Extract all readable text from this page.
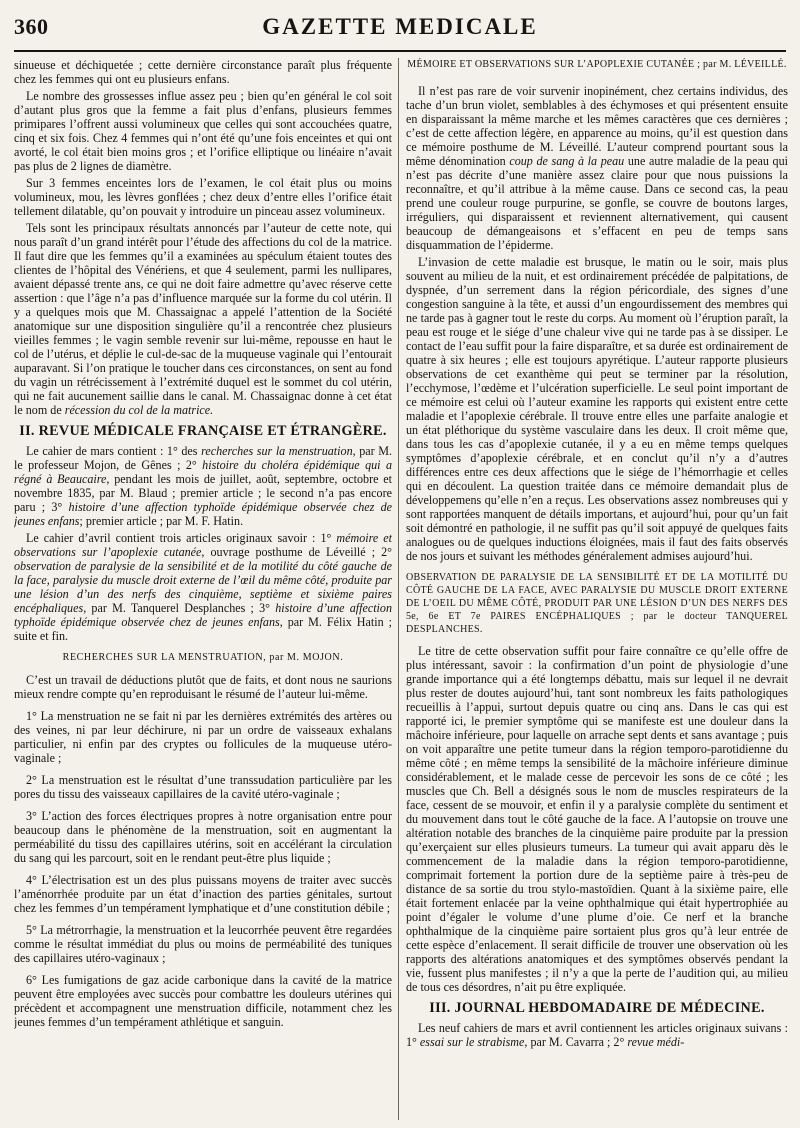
360	GAZETTE MEDICALE

sinueuse et déchiquetée ; cette dernière circonstance paraît plus fréquente chez les femmes qui ont eu plusieurs enfans.

Le nombre des grossesses influe assez peu ; bien qu’en général le col soit d’autant plus gros que la femme a fait plus d’enfans, plusieurs femmes primipares l’offrent aussi volumineux que celles qui sont accouchées quatre, cinq et six fois. Chez 4 femmes qui n’ont été qu’une fois enceintes et qui ont avorté, le col était bien moins gros ; et l’orifice elliptique ou linéaire n’avait pas plus de 2 lignes de diamètre.

Sur 3 femmes enceintes lors de l’examen, le col était plus ou moins volumineux, mou, les lèvres gonflées ; chez deux d’entre elles l’orifice était tellement dilatable, qu’on pouvait y introduire un pinceau assez volumineux.

Tels sont les principaux résultats annoncés par l’auteur de cette note, qui nous paraît d’un grand intérêt pour l’étude des affections du col de la matrice. Il faut dire que les femmes qu’il a examinées au spéculum étaient toutes des clientes de l’hôpital des Vénériens, et que 4 seulement, parmi les nullipares, avaient dépassé trente ans, ce qui ne doit faire admettre qu’avec réserve cette assertion : que l’âge n’a pas d’influence marquée sur la forme du col utérin. Il y a quelques mois que M. Chassaignac a appelé l’attention de la Société anatomique sur une disposition singulière qu’il a rencontrée chez plusieurs vieilles femmes ; le vagin semble revenir sur lui-même, repousse en haut le col de l’utérus, et déplie le cul-de-sac de la muqueuse vaginale qui l’entourait auparavant. Si l’on pratique le toucher dans ces circonstances, on sent au fond du vagin un rétrécissement à l’extrémité duquel est le sommet du col utérin, qui ne fait aucunement saillie dans le canal. M. Chassaignac donne à cet état le nom de récession du col de la matrice.

II. REVUE MÉDICALE FRANÇAISE ET ÉTRANGÈRE.

Le cahier de mars contient : 1° des recherches sur la menstruation, par M. le professeur Mojon, de Gênes ; 2° histoire du choléra épidémique qui a régné à Beaucaire, pendant les mois de juillet, août, septembre, octobre et novembre 1835, par M. Blaud ; premier article ; le second n’a pas encore paru ; 3° histoire d’une affection typhoïde épidémique observée chez de jeunes enfans; premier article ; par M. F. Hatin.

Le cahier d’avril contient trois articles originaux savoir : 1° mémoire et observations sur l’apoplexie cutanée, ouvrage posthume de Léveillé ; 2° observation de paralysie de la sensibilité et de la motilité du côté gauche de la face, paralysie du muscle droit externe de l’œil du même côté, produite par une lésion d’un des nerfs des cinquième, septième et sixième paires encéphaliques, par M. Tanquerel Desplanches ; 3° histoire d’une affection typhoïde épidémique observée chez de jeunes enfans, par M. Félix Hatin ; suite et fin.

RECHERCHES SUR LA MENSTRUATION, par M. MOJON.

C’est un travail de déductions plutôt que de faits, et dont nous ne saurions mieux rendre compte qu’en reproduisant le résumé de l’auteur lui-même.

1° La menstruation ne se fait ni par les dernières extrémités des artères ou des veines, ni par leur déchirure, ni par un ordre de vaisseaux exhalans particulier, ni enfin par des cryptes ou follicules de la muqueuse utéro-vaginale ;

2° La menstruation est le résultat d’une transsudation particulière par les pores du tissu des vaisseaux capillaires de la cavité utéro-vaginale ;

3° L’action des forces électriques propres à notre organisation entre pour beaucoup dans le phénomène de la menstruation, soit en augmentant la perméabilité du tissu des capillaires utérins, soit en accélérant la circulation du sang qui les parcourt, soit en le rendant peut-être plus liquide ;

4° L’électrisation est un des plus puissans moyens de traiter avec succès l’aménorrhée produite par un état d’inaction des parties génitales, surtout chez les femmes d’un tempérament lymphatique et d’une constitution débile ;

5° La métrorrhagie, la menstruation et la leucorrhée peuvent être regardées comme le résultat immédiat du plus ou moins de perméabilité des tuniques des capillaires utéro-vaginaux ;

6° Les fumigations de gaz acide carbonique dans la cavité de la matrice peuvent être employées avec succès pour combattre les douleurs utérines qui précèdent et accompagnent une menstruation difficile, notamment chez les jeunes femmes d’un tempérament athlétique et sanguin.

MÉMOIRE ET OBSERVATIONS SUR L’APOPLEXIE CUTANÉE ; par M. LÉVEILLÉ.

Il n’est pas rare de voir survenir inopinément, chez certains individus, des tache d’un brun violet, semblables à des échymoses et qui présentent ensuite en disparaissant la même marche et les mêmes caractères que ces dernières ; c’est de cette affection légère, en apparence au moins, qu’il est question dans ce mémoire posthume de M. Léveillé. L’auteur comprend pourtant sous la même dénomination coup de sang à la peau une autre maladie de la peau qui n’est pas décrite d’une manière assez claire pour que nous puissions la reconnaître, et qu’il attribue à la même cause. Dans ce second cas, la peau prend une couleur rouge purpurine, se gonfle, se couvre de boutons larges, irréguliers, qui disparaissent et reviennent alternativement, qui causent beaucoup de démangeaisons et s’effacent en peu de temps sans disquammation de l’épiderme.

L’invasion de cette maladie est brusque, le matin ou le soir, mais plus souvent au milieu de la nuit, et est ordinairement précédée de palpitations, de dyspnée, d’un serrement dans la région péricordiale, des signes d’une congestion sanguine à la tête, et aussi d’un engourdissement des membres qui ne tarde pas à gagner tout le reste du corps. Au moment où l’éruption paraît, la peau est rouge et le siége d’une chaleur vive qui ne tarde pas à se dissiper. Le contact de l’eau suffit pour la faire disparaître, et sa durée est ordinairement de quatre à six heures ; elle est toujours apyrétique. L’auteur rapporte plusieurs observations de cet exanthème qui peut se terminer par la résolution, l’ecchymose, l’œdème et l’ulcération superficielle. Le seul point important de ce mémoire est celui où l’auteur examine les rapports qui existent entre cette maladie et l’apoplexie cérébrale. Il trouve entre elles une parfaite analogie et un état pléthorique du système vasculaire dans les deux. Il croit même que, dans tous les cas d’apoplexie cutanée, il y a eu en même temps quelques symptômes d’apoplexie cérébrale, et en conclut qu’il n’y a d’autres différences entre ces deux affections que le siége de l’hémorrhagie et celles qui en découlent. La question traitée dans ce mémoire demandait plus de développemens qu’elle n’en a reçus. Les observations assez nombreuses qui y sont rapportées manquent de détails importans, et aujourd’hui, pour qu’un fait soit démontré en pathologie, il ne suffit pas qu’il soit appuyé de quelques faits analogues ou de quelques inductions éloignées, mais il faut des faits observés de nos jours et suivant les méthodes généralement admises aujourd’hui.

OBSERVATION DE PARALYSIE DE LA SENSIBILITÉ ET DE LA MOTILITÉ DU CÔTÉ GAUCHE DE LA FACE, AVEC PARALYSIE DU MUSCLE DROIT EXTERNE DE L’OEIL DU MÊME CÔTÉ, PRODUIT PAR UNE LÉSION D’UN DES NERFS DES 5e, 6e ET 7e PAIRES ENCÉPHALIQUES ; par le docteur TANQUEREL DESPLANCHES.

Le titre de cette observation suffit pour faire connaître ce qu’elle offre de plus intéressant, savoir : la confirmation d’un point de physiologie d’une grande importance qui a été longtemps débattu, mais sur lequel il ne devrait plus rester de doutes aujourd’hui, tant sont nombreux les faits pathologiques recueillis à l’appui, surtout depuis quatre ou cinq ans. Dans le cas qui est rapporté ici, le premier symptôme qui se manifeste est une douleur dans la mâchoire inférieure, pour laquelle on arrache sept dents et sans avantage ; puis on voit apparaître une petite tumeur dans la région temporo-parotidienne du même côté ; en même temps la sensibilité de la mâchoire inférieure diminue considérablement, et le malade cesse de percevoir les sons de ce côté ; les muscles que Ch. Bell a désignés sous le nom de muscles respirateurs de la face, cessent de se mouvoir, et enfin il y a paralysie complète du sentiment et du mouvement dans tout le côté gauche de la face. A l’autopsie on trouve une altération notable des branches de la cinquième paire produite par la pression qu’exerçaient sur elles plusieurs tumeurs. La tumeur qui avait apparu dès le commencement de la maladie dans la région temporo-parotidienne, comprimait fortement la portion dure de la septième paire à très-peu de distance de sa sortie du trou stylo-mastoïdien. Quant à la sixième paire, elle était fortement enlacée par la veine ophthalmique qui était hypertrophiée au point d’égaler le volume d’une plume d’oie. Ce nerf et la branche ophthalmique de la cinquième paire sortaient plus gros qu’à leur entrée de cette espèce d’enlacement. Il serait difficile de trouver une observation où les rapports des altérations anatomiques et des symptômes observés pendant la vie, fussent plus manifestes ; il n’y a que la perte de l’audition qui, au milieu de tous ces désordres, n’ait pu être expliquée.

III. JOURNAL HEBDOMADAIRE DE MÉDECINE.

Les neuf cahiers de mars et avril contiennent les articles originaux suivans : 1° essai sur le strabisme, par M. Cavarra ; 2° revue médi-
